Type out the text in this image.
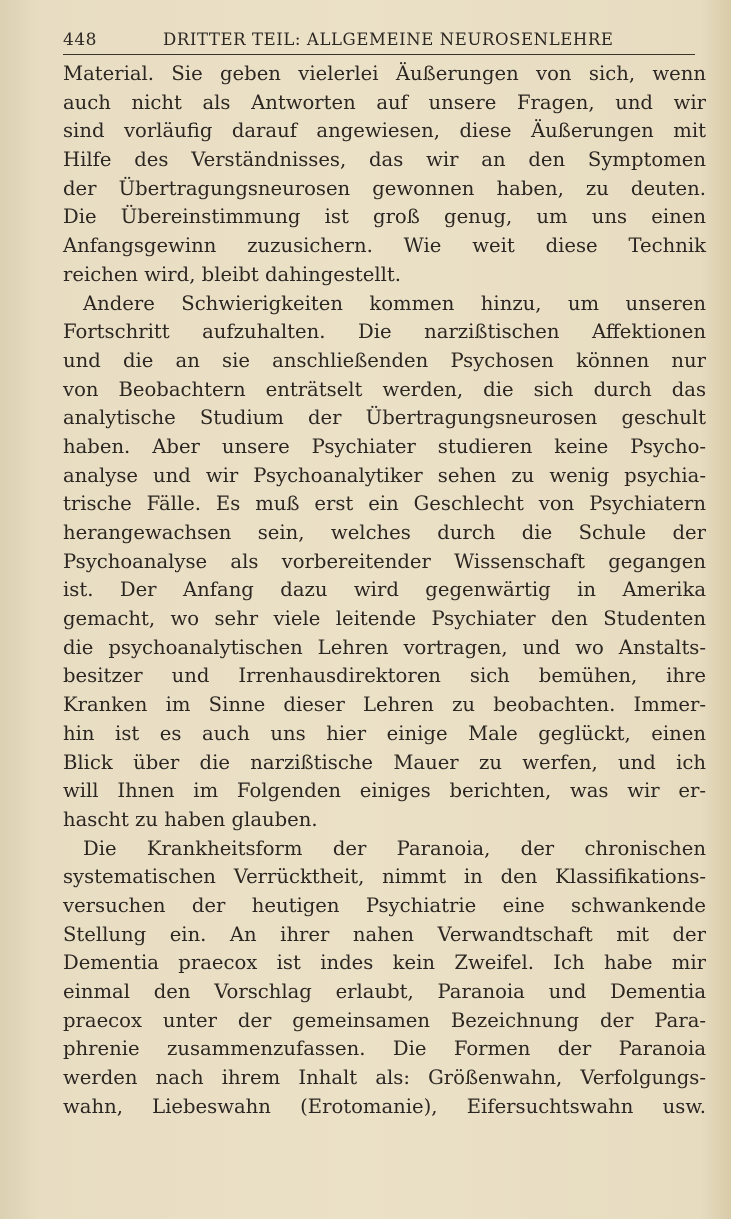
448	DRITTER TEIL: ALLGEMEINE NEUROSENLEHRE
Material. Sie geben vielerlei Äußerungen von sich, wenn
auch nicht als Antworten auf unsere Fragen, und wir
sind vorläufig darauf angewiesen, diese Äußerungen mit
Hilfe des Verständnisses, das wir an den Symptomen
der Übertragungsneurosen gewonnen haben, zu deuten.
Die Übereinstimmung ist groß genug, um uns einen
Anfangsgewinn zuzusichern. Wie weit diese Technik
reichen wird, bleibt dahingestellt.
Andere Schwierigkeiten kommen hinzu, um unseren
Fortschritt aufzuhalten. Die narzißtischen Affektionen
und die an sie anschließenden Psychosen können nur
von Beobachtern enträtselt werden, die sich durch das
analytische Studium der Übertragungsneurosen geschult
haben. Aber unsere Psychiater studieren keine Psycho-
analyse und wir Psychoanalytiker sehen zu wenig psychia-
trische Fälle. Es muß erst ein Geschlecht von Psychiatern
herangewachsen sein, welches durch die Schule der
Psychoanalyse als vorbereitender Wissenschaft gegangen
ist. Der Anfang dazu wird gegenwärtig in Amerika
gemacht, wo sehr viele leitende Psychiater den Studenten
die psychoanalytischen Lehren vortragen, und wo Anstalts-
besitzer und Irrenhausdirektoren sich bemühen, ihre
Kranken im Sinne dieser Lehren zu beobachten. Immer-
hin ist es auch uns hier einige Male geglückt, einen
Blick über die narzißtische Mauer zu werfen, und ich
will Ihnen im Folgenden einiges berichten, was wir er-
hascht zu haben glauben.
Die Krankheitsform der Paranoia, der chronischen
systematischen Verrücktheit, nimmt in den Klassifikations-
versuchen der heutigen Psychiatrie eine schwankende
Stellung ein. An ihrer nahen Verwandtschaft mit der
Dementia praecox ist indes kein Zweifel. Ich habe mir
einmal den Vorschlag erlaubt, Paranoia und Dementia
praecox unter der gemeinsamen Bezeichnung der Para-
phrenie zusammenzufassen. Die Formen der Paranoia
werden nach ihrem Inhalt als: Größenwahn, Verfolgungs-
wahn, Liebeswahn (Erotomanie), Eifersuchtswahn usw.
